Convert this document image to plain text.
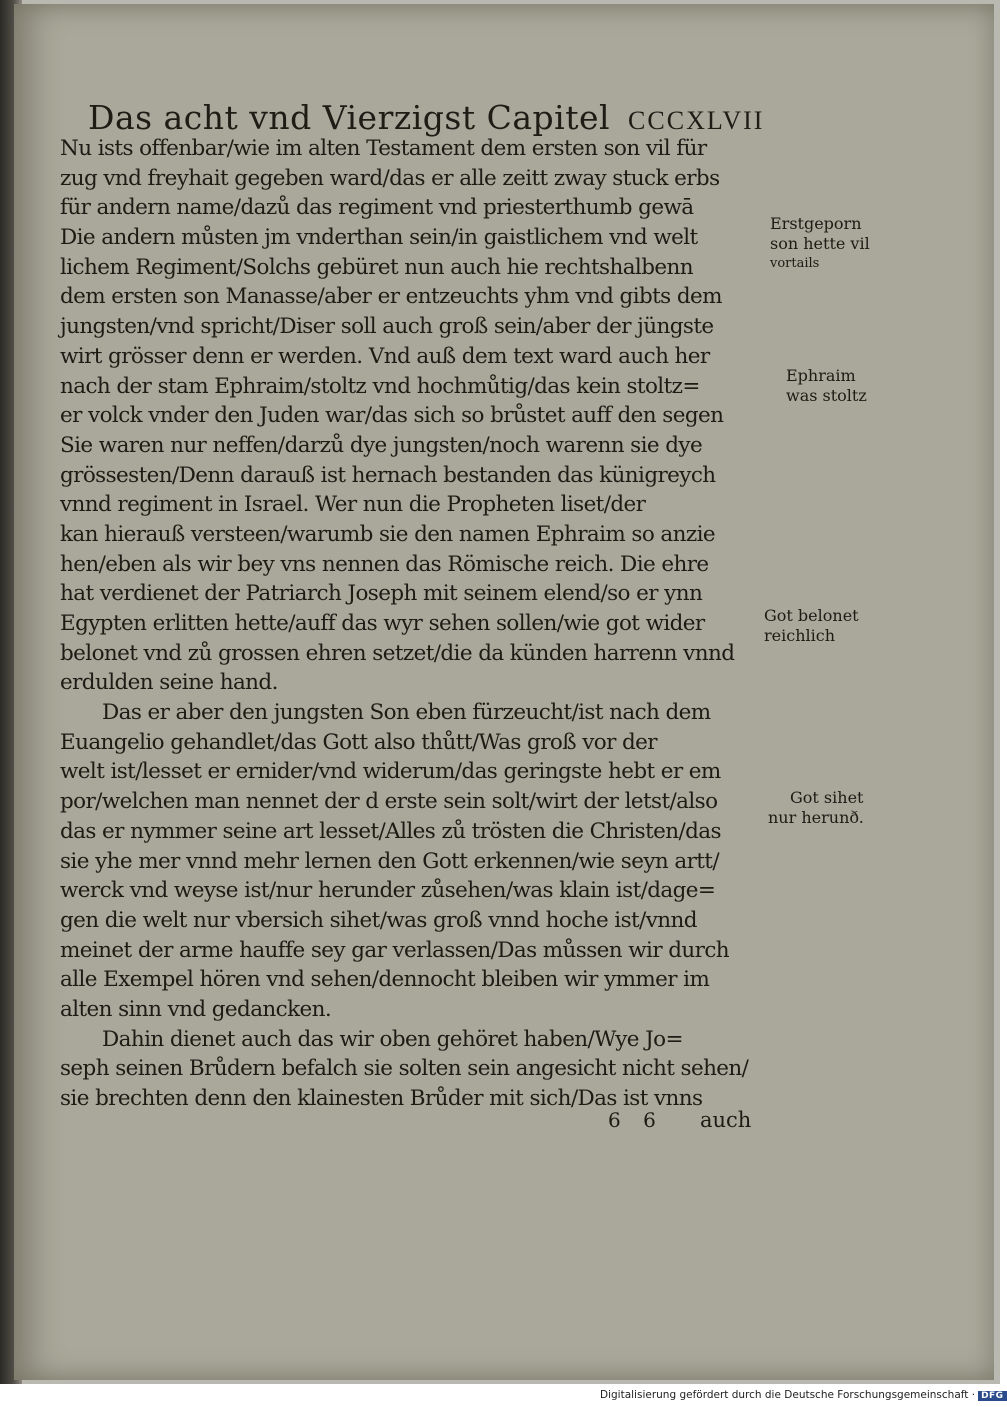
Das acht vnd Vierzigst Capitel CCCXLVII
Nu ists offenbar/wie im alten Testament dem ersten son vil für
zug vnd freyhait gegeben ward/das er alle zeitt zway stuck erbs
für andern name/dazů das regiment vnd priesterthumb gewā
Die andern můsten jm vnderthan sein/in gaistlichem vnd welt
lichem Regiment/Solchs gebüret nun auch hie rechtshalbenn
dem ersten son Manasse/aber er entzeuchts yhm vnd gibts dem
jungsten/vnd spricht/Diser soll auch groß sein/aber der jüngste
wirt grösser denn er werden. Vnd auß dem text ward auch her
nach der stam Ephraim/stoltz vnd hochmůtig/das kein stoltz=
er volck vnder den Juden war/das sich so brůstet auff den segen
Sie waren nur neffen/darzů dye jungsten/noch warenn sie dye
grössesten/Denn darauß ist hernach bestanden das künigreych
vnnd regiment in Israel. Wer nun die Propheten liset/der
kan hierauß versteen/warumb sie den namen Ephraim so anzie
hen/eben als wir bey vns nennen das Römische reich. Die ehre
hat verdienet der Patriarch Joseph mit seinem elend/so er ynn
Egypten erlitten hette/auff das wyr sehen sollen/wie got wider
belonet vnd zů grossen ehren setzet/die da künden harrenn vnnd
erdulden seine hand.
Das er aber den jungsten Son eben fürzeucht/ist nach dem
Euangelio gehandlet/das Gott also thůtt/Was groß vor der
welt ist/lesset er ernider/vnd widerum/das geringste hebt er em
por/welchen man nennet der d erste sein solt/wirt der letst/also
das er nymmer seine art lesset/Alles zů trösten die Christen/das
sie yhe mer vnnd mehr lernen den Gott erkennen/wie seyn artt/
werck vnd weyse ist/nur herunder zůsehen/was klain ist/dage=
gen die welt nur vbersich sihet/was groß vnnd hoche ist/vnnd
meinet der arme hauffe sey gar verlassen/Das můssen wir durch
alle Exempel hören vnd sehen/dennocht bleiben wir ymmer im
alten sinn vnd gedancken.
Dahin dienet auch das wir oben gehöret haben/Wye Jo=
seph seinen Brůdern befalch sie solten sein angesicht nicht sehen/
sie brechten denn den klainesten Brůder mit sich/Das ist vnns
Erstgeporn
son hette vil
vortails
Ephraim
was stoltz
Got belonet
reichlich
Got sihet
nur herunð.
6 6 auch
Digitalisierung gefördert durch die Deutsche Forschungsgemeinschaft · DFG
